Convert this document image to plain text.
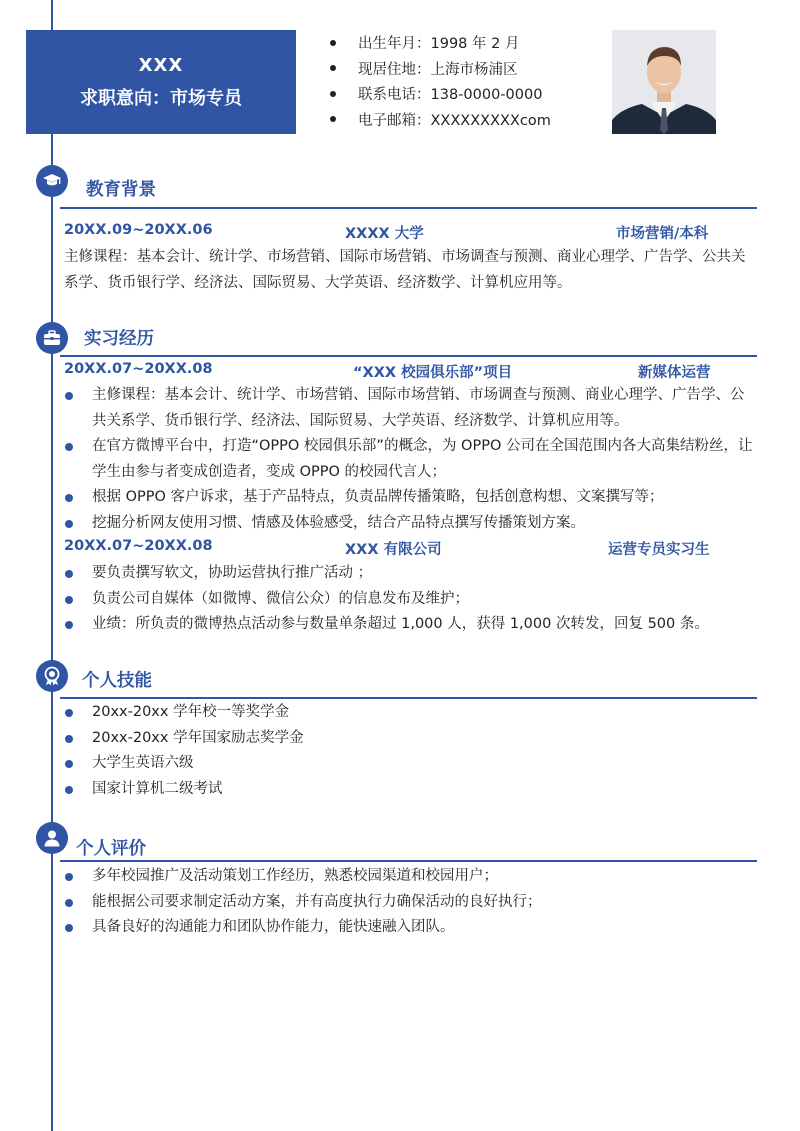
XXX
求职意向：市场专员
出生年月：1998 年 2 月
现居住地：上海市杨浦区
联系电话：138-0000-0000
电子邮箱：XXXXXXXXXcom
教育背景
20XX.09~20XX.06	XXXX 大学	市场营销/本科
主修课程：基本会计、统计学、市场营销、国际市场营销、市场调查与预测、商业心理学、广告学、公共关系学、货币银行学、经济法、国际贸易、大学英语、经济数学、计算机应用等。
实习经历
20XX.07~20XX.08	“XXX 校园俱乐部”项目	新媒体运营
主修课程：基本会计、统计学、市场营销、国际市场营销、市场调查与预测、商业心理学、广告学、公共关系学、货币银行学、经济法、国际贸易、大学英语、经济数学、计算机应用等。
在官方微博平台中，打造“OPPO 校园俱乐部”的概念，为 OPPO 公司在全国范围内各大高集结粉丝，让学生由参与者变成创造者，变成 OPPO 的校园代言人；
根据 OPPO 客户诉求，基于产品特点，负责品牌传播策略，包括创意构想、文案撰写等；
挖掘分析网友使用习惯、情感及体验感受，结合产品特点撰写传播策划方案。
20XX.07~20XX.08	XXX 有限公司	运营专员实习生
要负责撰写软文，协助运营执行推广活动 ；
负责公司自媒体（如微博、微信公众）的信息发布及维护；
业绩：所负责的微博热点活动参与数量单条超过 1,000 人，获得 1,000 次转发，回复 500 条。
个人技能
20xx-20xx 学年校一等奖学金
20xx-20xx 学年国家励志奖学金
大学生英语六级
国家计算机二级考试
个人评价
多年校园推广及活动策划工作经历，熟悉校园渠道和校园用户；
能根据公司要求制定活动方案，并有高度执行力确保活动的良好执行；
具备良好的沟通能力和团队协作能力，能快速融入团队。
